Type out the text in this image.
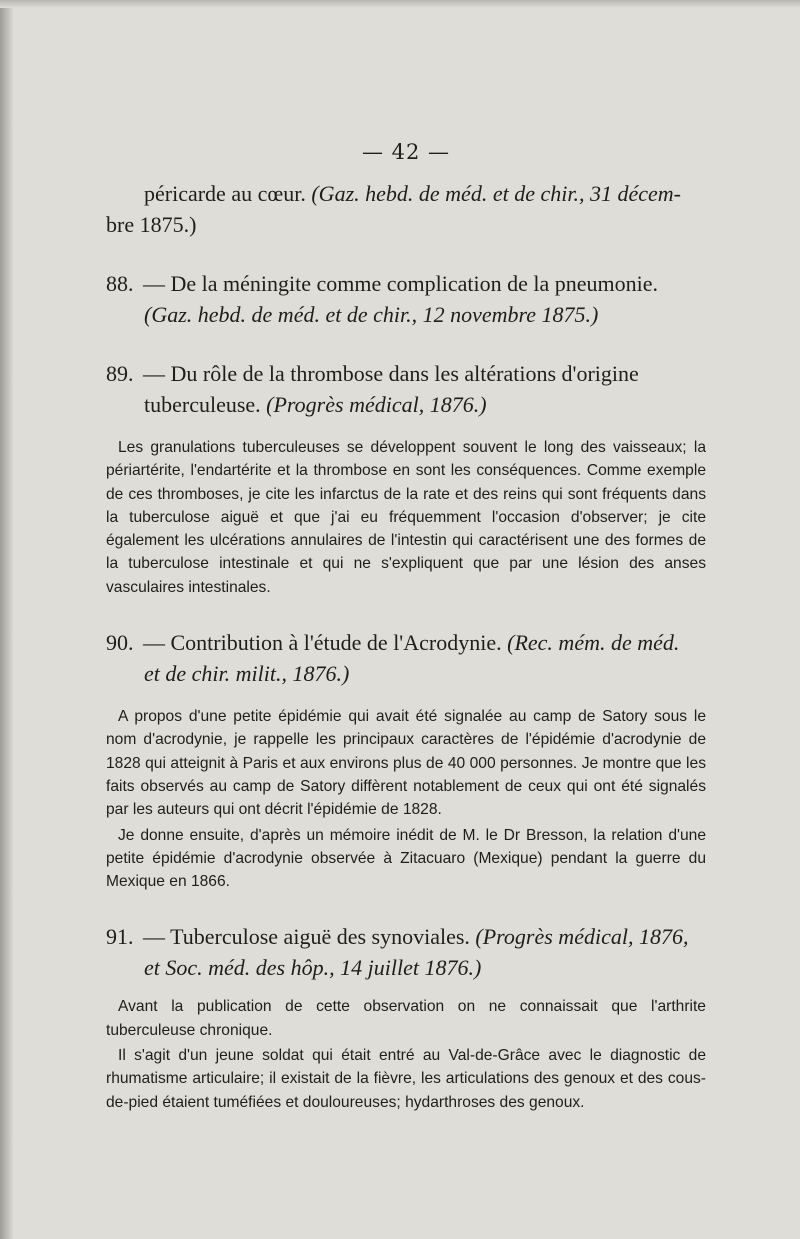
— 42 —

péricarde au cœur. (Gaz. hebd. de méd. et de chir., 31 décem-
bre 1875.)

88. — De la méningite comme complication de la pneumonie.
(Gaz. hebd. de méd. et de chir., 12 novembre 1875.)

89. — Du rôle de la thrombose dans les altérations d'origine
tuberculeuse. (Progrès médical, 1876.)

Les granulations tuberculeuses se développent souvent le long des vaisseaux; la périartérite, l'endartérite et la thrombose en sont les conséquences. Comme exemple de ces thromboses, je cite les infarctus de la rate et des reins qui sont fréquents dans la tuberculose aiguë et que j'ai eu fréquemment l'occasion d'observer; je cite également les ulcérations annulaires de l'intestin qui caractérisent une des formes de la tuberculose intestinale et qui ne s'expliquent que par une lésion des anses vasculaires intestinales.

90. — Contribution à l'étude de l'Acrodynie. (Rec. mém. de méd.
et de chir. milit., 1876.)

A propos d'une petite épidémie qui avait été signalée au camp de Satory sous le nom d'acrodynie, je rappelle les principaux caractères de l'épidémie d'acrodynie de 1828 qui atteignit à Paris et aux environs plus de 40 000 personnes. Je montre que les faits observés au camp de Satory diffèrent notablement de ceux qui ont été signalés par les auteurs qui ont décrit l'épidémie de 1828.

Je donne ensuite, d'après un mémoire inédit de M. le Dr Bresson, la relation d'une petite épidémie d'acrodynie observée à Zitacuaro (Mexique) pendant la guerre du Mexique en 1866.

91. — Tuberculose aiguë des synoviales. (Progrès médical, 1876,
et Soc. méd. des hôp., 14 juillet 1876.)

Avant la publication de cette observation on ne connaissait que l'arthrite tuberculeuse chronique.

Il s'agit d'un jeune soldat qui était entré au Val-de-Grâce avec le diagnostic de rhumatisme articulaire; il existait de la fièvre, les articulations des genoux et des cous-de-pied étaient tuméfiées et douloureuses; hydarthroses des genoux.
